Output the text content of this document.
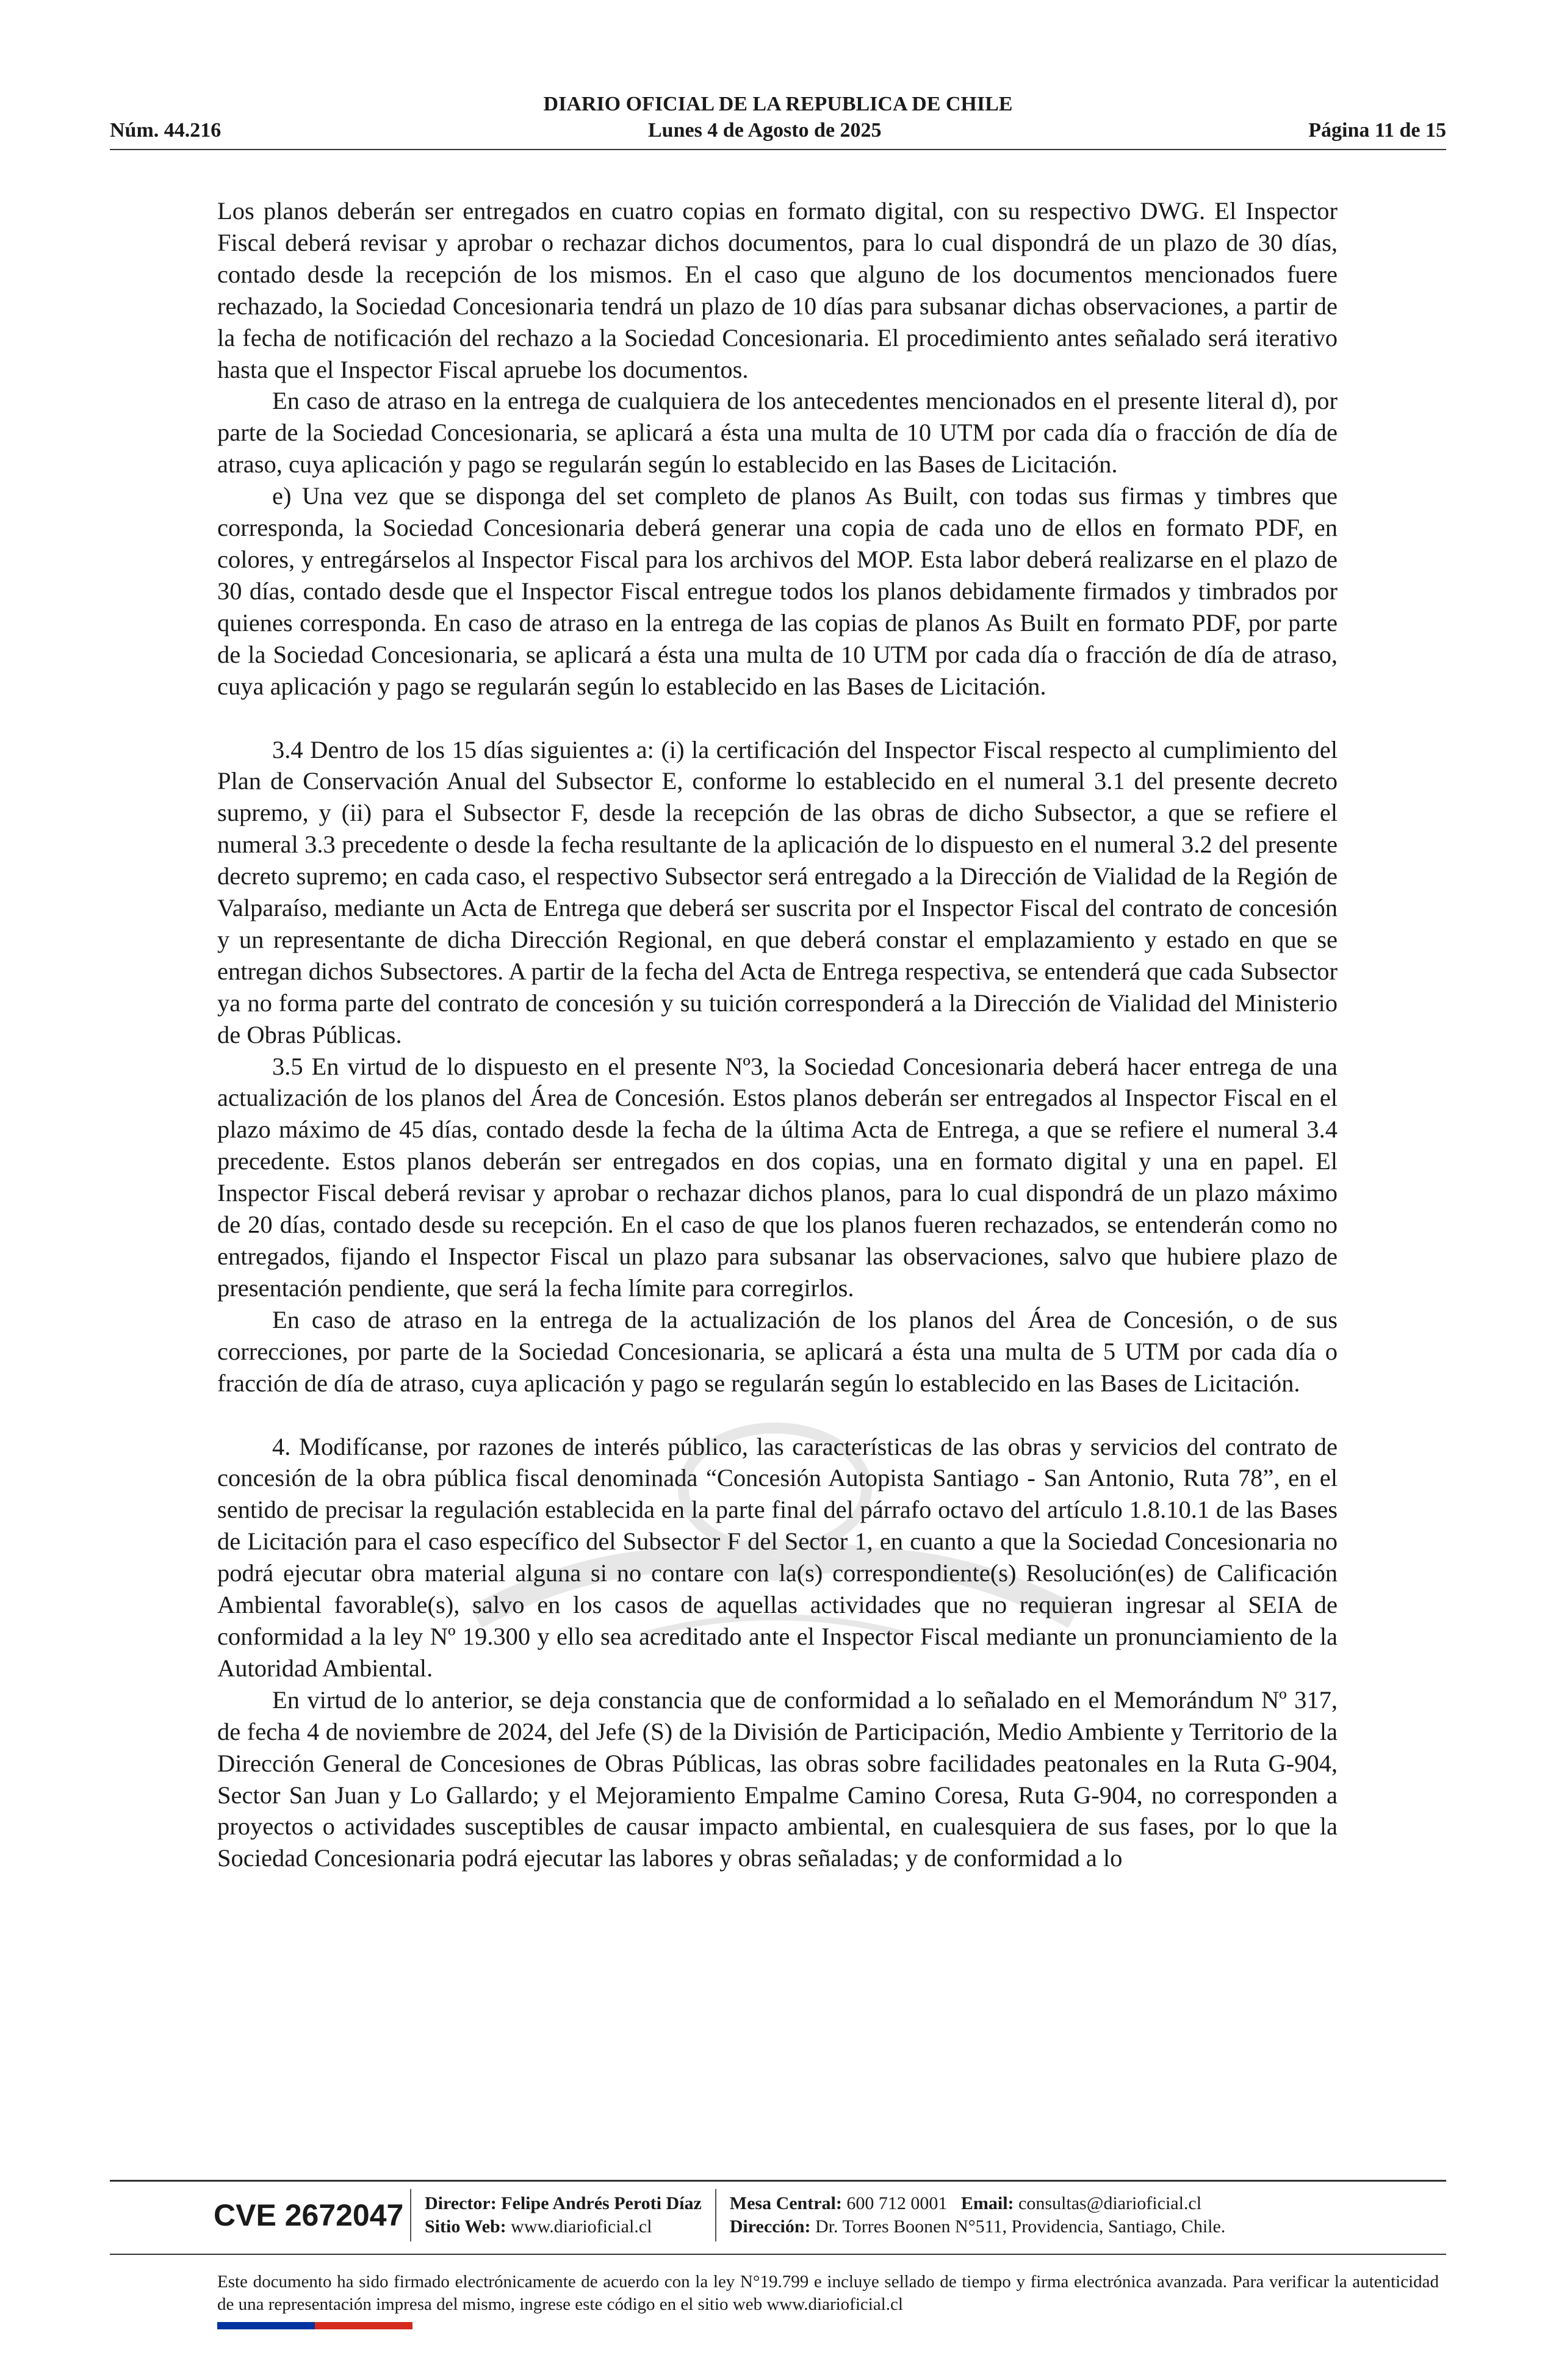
DIARIO OFICIAL DE LA REPUBLICA DE CHILE
Núm. 44.216	Lunes 4 de Agosto de 2025	Página 11 de 15

Los planos deberán ser entregados en cuatro copias en formato digital, con su respectivo DWG. El Inspector Fiscal deberá revisar y aprobar o rechazar dichos documentos, para lo cual dispondrá de un plazo de 30 días, contado desde la recepción de los mismos. En el caso que alguno de los documentos mencionados fuere rechazado, la Sociedad Concesionaria tendrá un plazo de 10 días para subsanar dichas observaciones, a partir de la fecha de notificación del rechazo a la Sociedad Concesionaria. El procedimiento antes señalado será iterativo hasta que el Inspector Fiscal apruebe los documentos.

En caso de atraso en la entrega de cualquiera de los antecedentes mencionados en el presente literal d), por parte de la Sociedad Concesionaria, se aplicará a ésta una multa de 10 UTM por cada día o fracción de día de atraso, cuya aplicación y pago se regularán según lo establecido en las Bases de Licitación.

e) Una vez que se disponga del set completo de planos As Built, con todas sus firmas y timbres que corresponda, la Sociedad Concesionaria deberá generar una copia de cada uno de ellos en formato PDF, en colores, y entregárselos al Inspector Fiscal para los archivos del MOP. Esta labor deberá realizarse en el plazo de 30 días, contado desde que el Inspector Fiscal entregue todos los planos debidamente firmados y timbrados por quienes corresponda. En caso de atraso en la entrega de las copias de planos As Built en formato PDF, por parte de la Sociedad Concesionaria, se aplicará a ésta una multa de 10 UTM por cada día o fracción de día de atraso, cuya aplicación y pago se regularán según lo establecido en las Bases de Licitación.

3.4 Dentro de los 15 días siguientes a: (i) la certificación del Inspector Fiscal respecto al cumplimiento del Plan de Conservación Anual del Subsector E, conforme lo establecido en el numeral 3.1 del presente decreto supremo, y (ii) para el Subsector F, desde la recepción de las obras de dicho Subsector, a que se refiere el numeral 3.3 precedente o desde la fecha resultante de la aplicación de lo dispuesto en el numeral 3.2 del presente decreto supremo; en cada caso, el respectivo Subsector será entregado a la Dirección de Vialidad de la Región de Valparaíso, mediante un Acta de Entrega que deberá ser suscrita por el Inspector Fiscal del contrato de concesión y un representante de dicha Dirección Regional, en que deberá constar el emplazamiento y estado en que se entregan dichos Subsectores. A partir de la fecha del Acta de Entrega respectiva, se entenderá que cada Subsector ya no forma parte del contrato de concesión y su tuición corresponderá a la Dirección de Vialidad del Ministerio de Obras Públicas.

3.5 En virtud de lo dispuesto en el presente Nº3, la Sociedad Concesionaria deberá hacer entrega de una actualización de los planos del Área de Concesión. Estos planos deberán ser entregados al Inspector Fiscal en el plazo máximo de 45 días, contado desde la fecha de la última Acta de Entrega, a que se refiere el numeral 3.4 precedente. Estos planos deberán ser entregados en dos copias, una en formato digital y una en papel. El Inspector Fiscal deberá revisar y aprobar o rechazar dichos planos, para lo cual dispondrá de un plazo máximo de 20 días, contado desde su recepción. En el caso de que los planos fueren rechazados, se entenderán como no entregados, fijando el Inspector Fiscal un plazo para subsanar las observaciones, salvo que hubiere plazo de presentación pendiente, que será la fecha límite para corregirlos.

En caso de atraso en la entrega de la actualización de los planos del Área de Concesión, o de sus correcciones, por parte de la Sociedad Concesionaria, se aplicará a ésta una multa de 5 UTM por cada día o fracción de día de atraso, cuya aplicación y pago se regularán según lo establecido en las Bases de Licitación.

4. Modifícanse, por razones de interés público, las características de las obras y servicios del contrato de concesión de la obra pública fiscal denominada “Concesión Autopista Santiago - San Antonio, Ruta 78”, en el sentido de precisar la regulación establecida en la parte final del párrafo octavo del artículo 1.8.10.1 de las Bases de Licitación para el caso específico del Subsector F del Sector 1, en cuanto a que la Sociedad Concesionaria no podrá ejecutar obra material alguna si no contare con la(s) correspondiente(s) Resolución(es) de Calificación Ambiental favorable(s), salvo en los casos de aquellas actividades que no requieran ingresar al SEIA de conformidad a la ley Nº 19.300 y ello sea acreditado ante el Inspector Fiscal mediante un pronunciamiento de la Autoridad Ambiental.

En virtud de lo anterior, se deja constancia que de conformidad a lo señalado en el Memorándum Nº 317, de fecha 4 de noviembre de 2024, del Jefe (S) de la División de Participación, Medio Ambiente y Territorio de la Dirección General de Concesiones de Obras Públicas, las obras sobre facilidades peatonales en la Ruta G-904, Sector San Juan y Lo Gallardo; y el Mejoramiento Empalme Camino Coresa, Ruta G-904, no corresponden a proyectos o actividades susceptibles de causar impacto ambiental, en cualesquiera de sus fases, por lo que la Sociedad Concesionaria podrá ejecutar las labores y obras señaladas; y de conformidad a lo

CVE 2672047 Director: Felipe Andrés Peroti Díaz
Sitio Web: www.diarioficial.cl
Mesa Central: 600 712 0001 Email: consultas@diarioficial.cl
Dirección: Dr. Torres Boonen N°511, Providencia, Santiago, Chile.
Este documento ha sido firmado electrónicamente de acuerdo con la ley N°19.799 e incluye sellado de tiempo y firma electrónica avanzada. Para verificar la autenticidad de una representación impresa del mismo, ingrese este código en el sitio web www.diarioficial.cl
